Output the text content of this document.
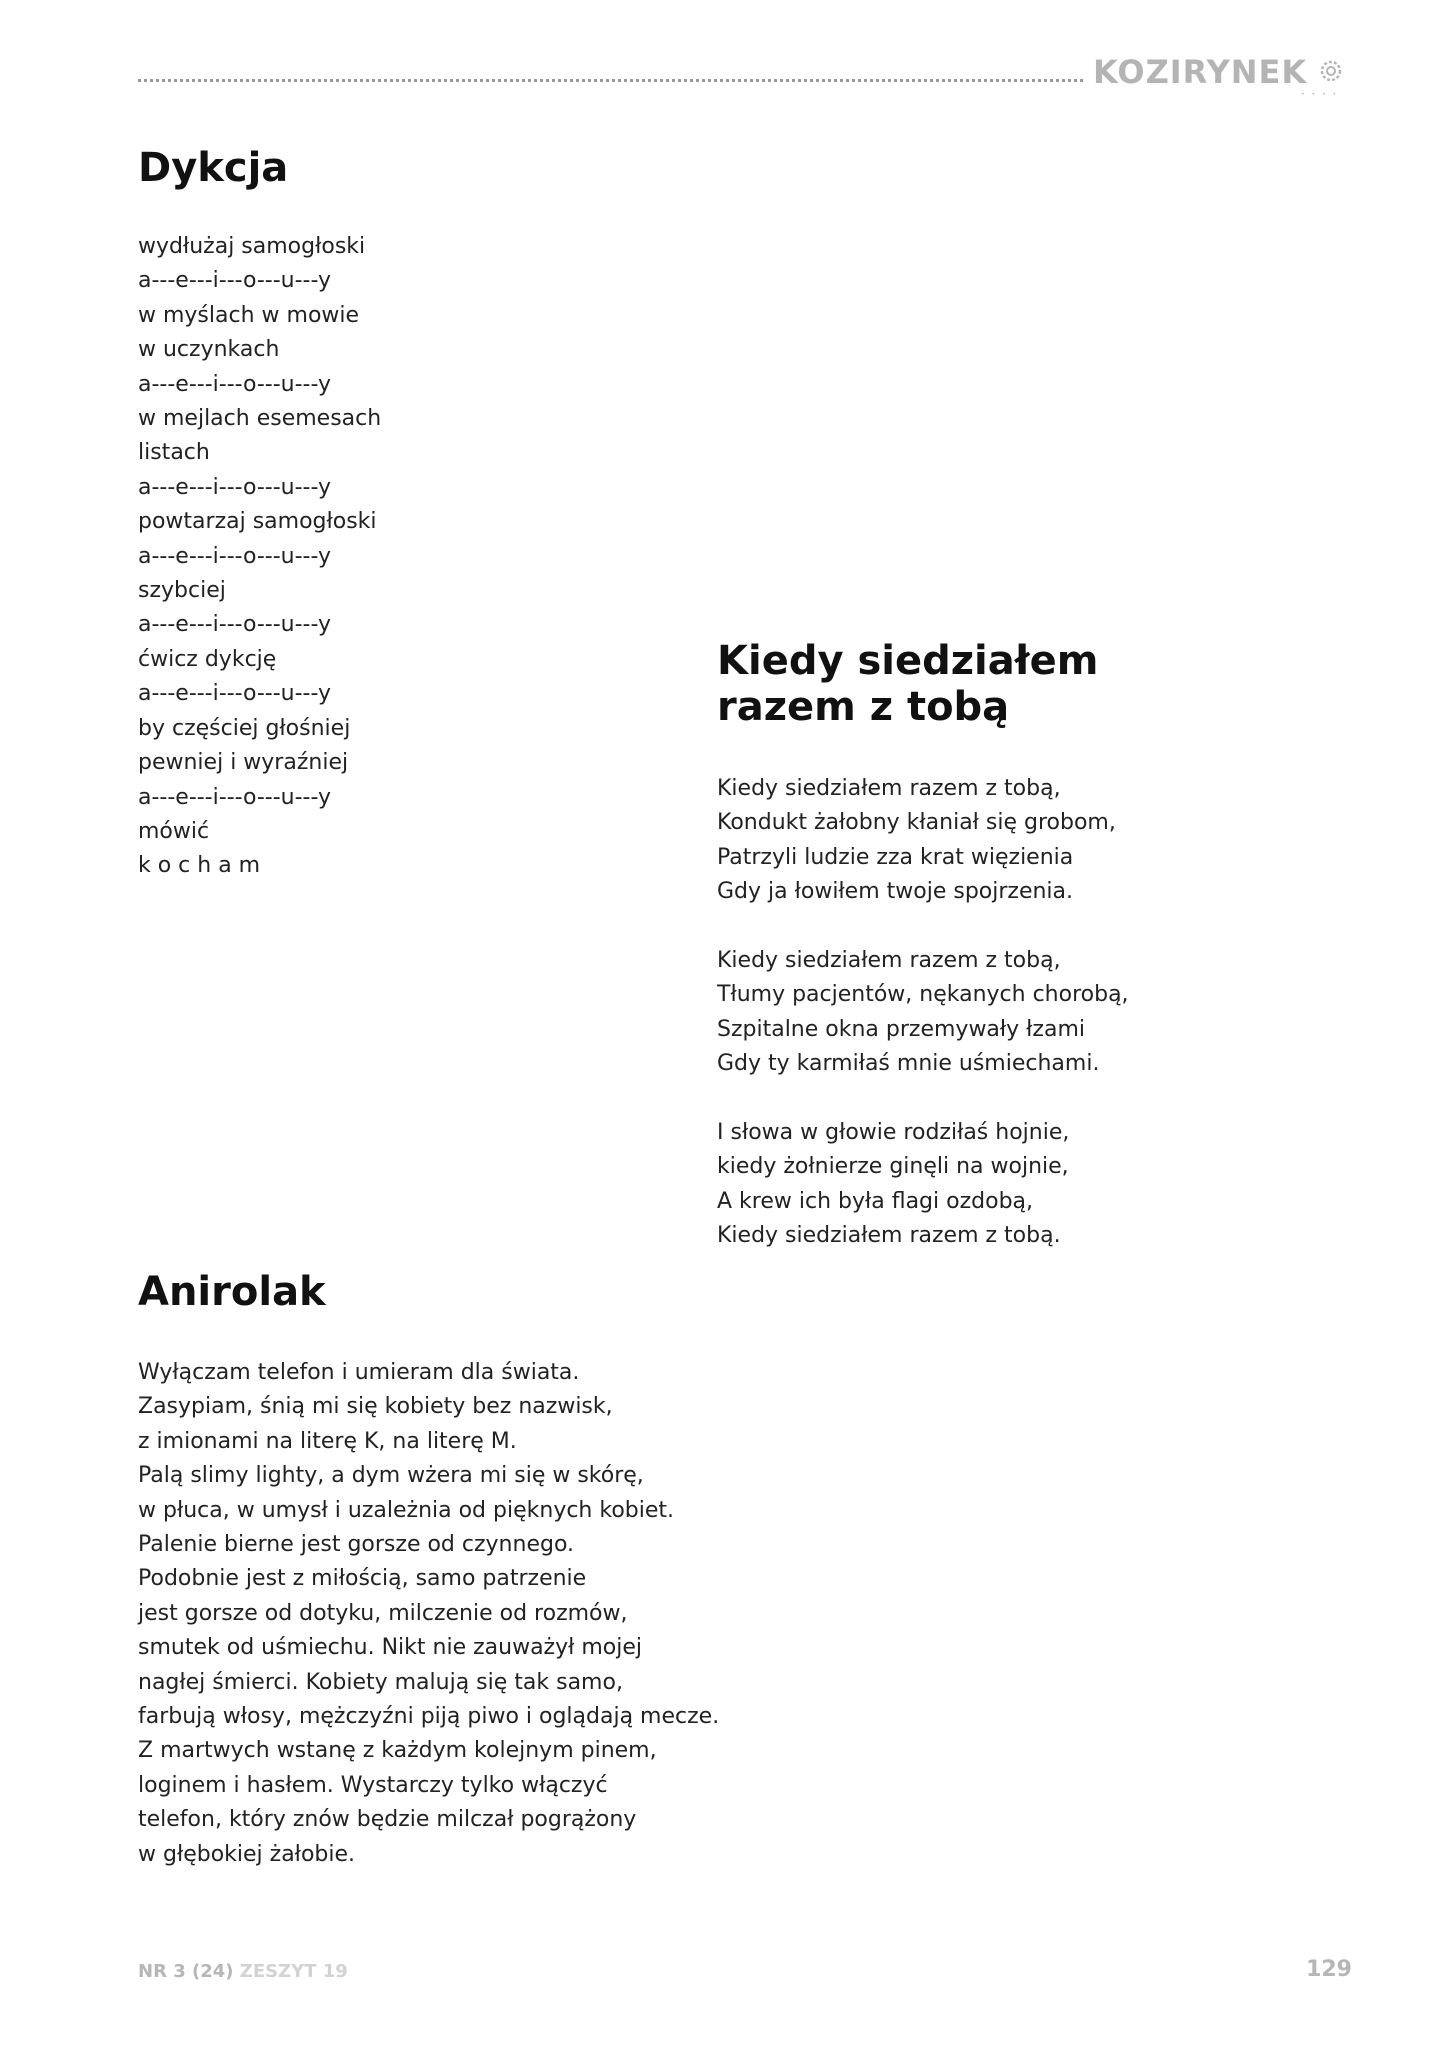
KOZIRYNEK
••••
Dykcja
wydłużaj samogłoski
a---e---i---o---u---y
w myślach w mowie
w uczynkach
a---e---i---o---u---y
w mejlach esemesach
listach
a---e---i---o---u---y
powtarzaj samogłoski
a---e---i---o---u---y
szybciej
a---e---i---o---u---y
ćwicz dykcję
a---e---i---o---u---y
by częściej głośniej
pewniej i wyraźniej
a---e---i---o---u---y
mówić
k o c h a m
Kiedy siedziałem razem z tobą
Kiedy siedziałem razem z tobą,
Kondukt żałobny kłaniał się grobom,
Patrzyli ludzie zza krat więzienia
Gdy ja łowiłem twoje spojrzenia.
Kiedy siedziałem razem z tobą,
Tłumy pacjentów, nękanych chorobą,
Szpitalne okna przemywały łzami
Gdy ty karmiłaś mnie uśmiechami.
I słowa w głowie rodziłaś hojnie,
kiedy żołnierze ginęli na wojnie,
A krew ich była flagi ozdobą,
Kiedy siedziałem razem z tobą.
Anirolak
Wyłączam telefon i umieram dla świata.
Zasypiam, śnią mi się kobiety bez nazwisk,
z imionami na literę K, na literę M.
Palą slimy lighty, a dym wżera mi się w skórę,
w płuca, w umysł i uzależnia od pięknych kobiet.
Palenie bierne jest gorsze od czynnego.
Podobnie jest z miłością, samo patrzenie
jest gorsze od dotyku, milczenie od rozmów,
smutek od uśmiechu. Nikt nie zauważył mojej
nagłej śmierci. Kobiety malują się tak samo,
farbują włosy, mężczyźni piją piwo i oglądają mecze.
Z martwych wstanę z każdym kolejnym pinem,
loginem i hasłem. Wystarczy tylko włączyć
telefon, który znów będzie milczał pogrążony
w głębokiej żałobie.
NR 3 (24) ZESZYT 19	129
